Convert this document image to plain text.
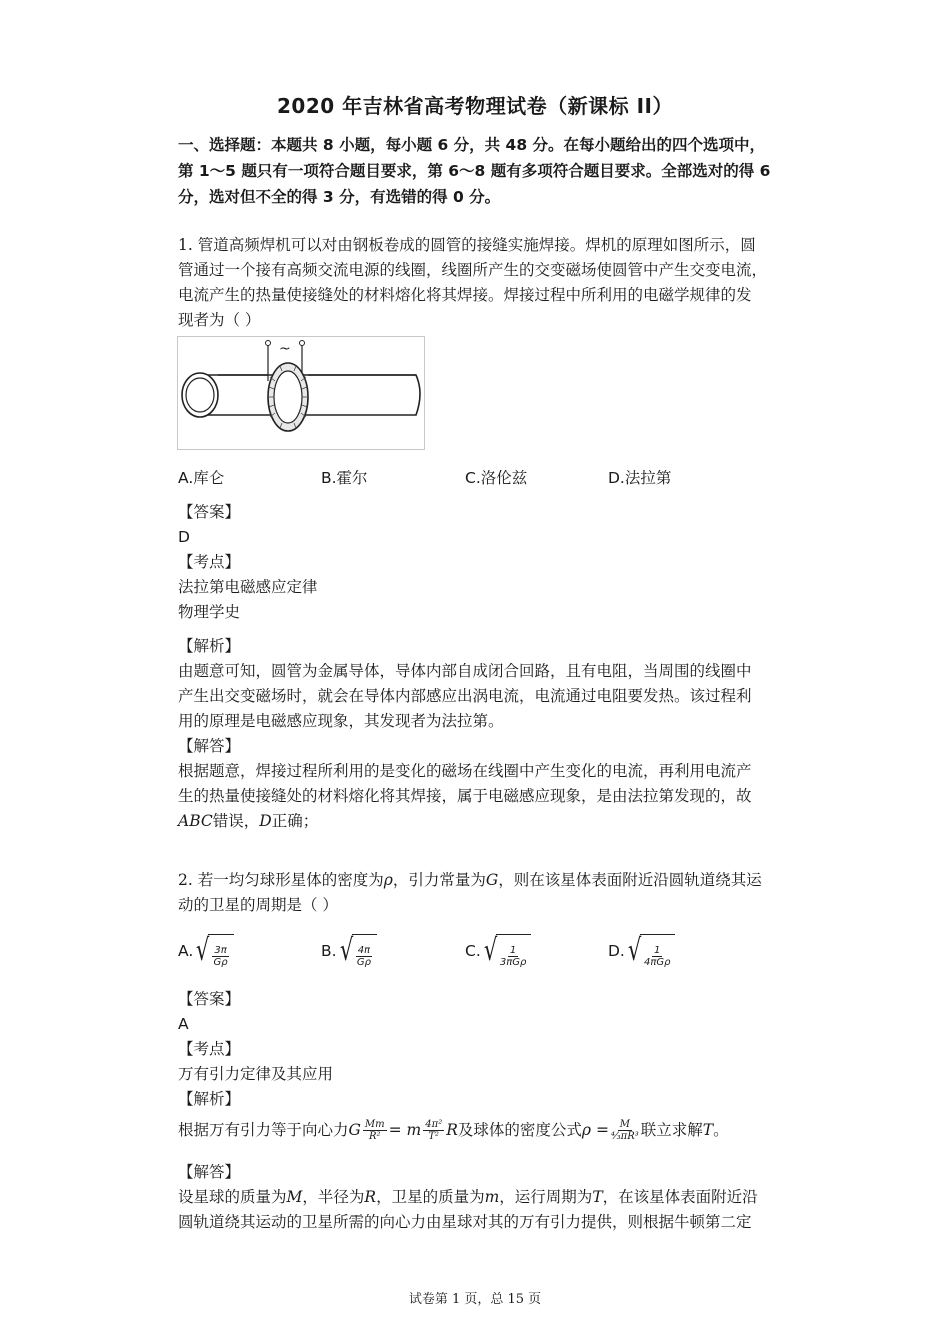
2020 年吉林省高考物理试卷（新课标 II）
一、选择题：本题共 8 小题，每小题 6 分，共 48 分。在每小题给出的四个选项中，
第 1～5 题只有一项符合题目要求，第 6～8 题有多项符合题目要求。全部选对的得 6
分，选对但不全的得 3 分，有选错的得 0 分。
1. 管道高频焊机可以对由钢板卷成的圆管的接缝实施焊接。焊机的原理如图所示，圆
管通过一个接有高频交流电源的线圈，线圈所产生的交变磁场使圆管中产生交变电流，
电流产生的热量使接缝处的材料熔化将其焊接。焊接过程中所利用的电磁学规律的发
现者为（ ）
~
A.库仑	B.霍尔	C.洛伦兹	D.法拉第
【答案】
D
【考点】
法拉第电磁感应定律
物理学史
【解析】
由题意可知，圆管为金属导体，导体内部自成闭合回路，且有电阻，当周围的线圈中
产生出交变磁场时，就会在导体内部感应出涡电流，电流通过电阻要发热。该过程利
用的原理是电磁感应现象，其发现者为法拉第。
【解答】
根据题意，焊接过程所利用的是变化的磁场在线圈中产生变化的电流，再利用电流产
生的热量使接缝处的材料熔化将其焊接，属于电磁感应现象，是由法拉第发现的，故
ABC错误，D正确；
2. 若一均匀球形星体的密度为ρ，引力常量为G，则在该星体表面附近沿圆轨道绕其运
动的卫星的周期是（ ）
A. √ $\frac{3\pi}{G\rho}$	B. √ $\frac{4\pi}{G\rho}$	C. √ $\frac{1}{\text{3πGρ}}$	D. √ $\frac{1}{\text{4πGρ}}$
【答案】
A
【考点】
万有引力定律及其应用
【解析】
根据万有引力等于向心力 G $\frac{Mm}{\text{R²}} = m \frac{\text{4π²}}{\text{T²}}$ R 及球体的密度公式 $\rho = \frac{M}{\text{⁴⁄₃πR³}}$ 联立求解 T 。
【解答】
设星球的质量为M，半径为R，卫星的质量为m，运行周期为T，在该星体表面附近沿
圆轨道绕其运动的卫星所需的向心力由星球对其的万有引力提供，则根据牛顿第二定
试卷第 1 页，总 15 页
